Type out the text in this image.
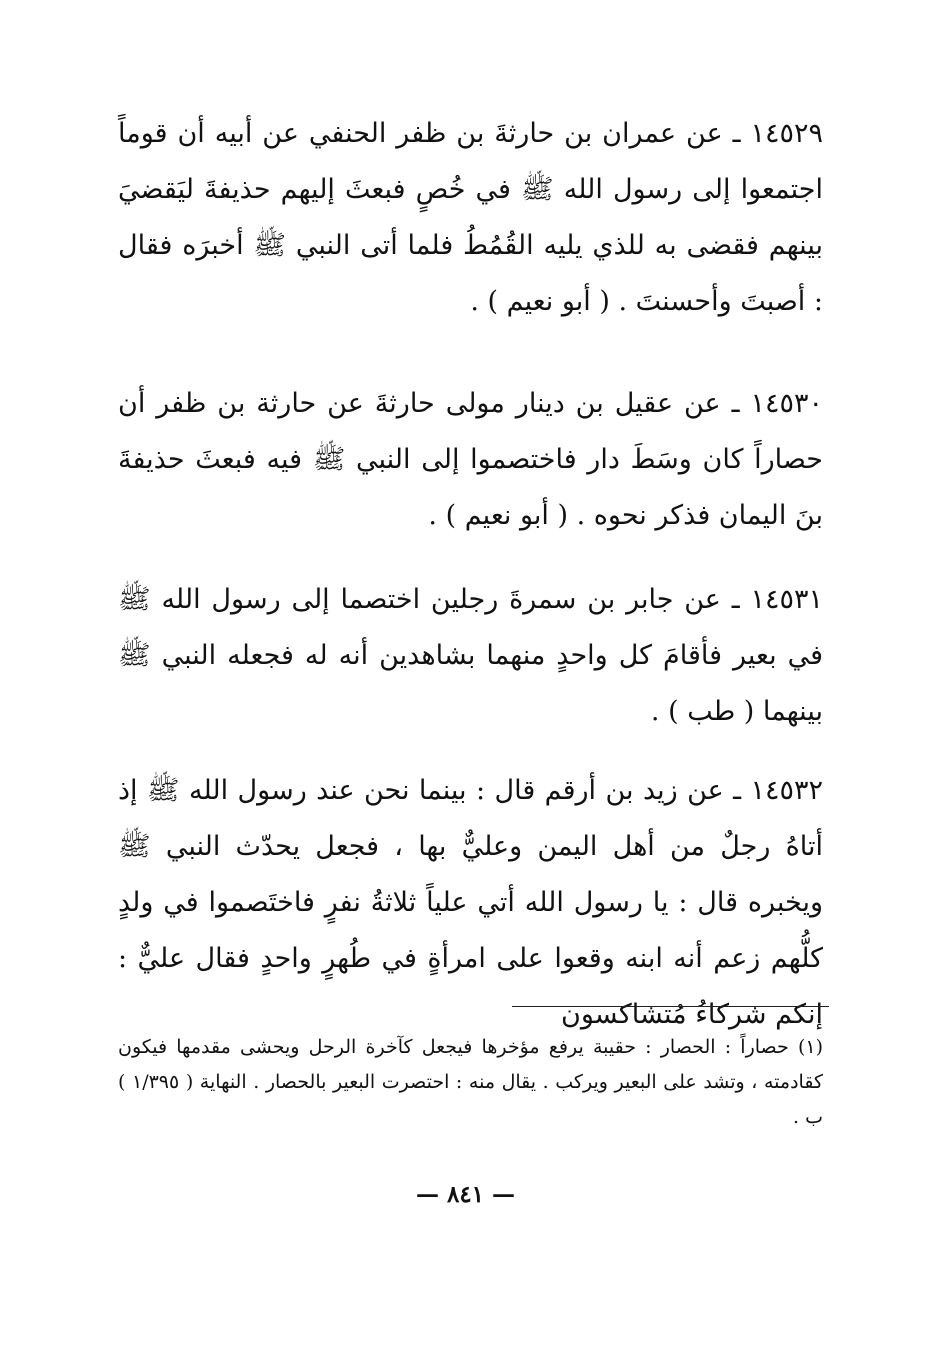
١٤٥٢٩ ـ عن عمران بن حارثةَ بن ظفر الحنفي عن أبيه أن قوماً اجتمعوا إلى رسول الله ﷺ في خُصٍ فبعثَ إليهم حذيفةَ ليَقضيَ بينهم فقضى به للذي يليه القُمُطُ فلما أتى النبي ﷺ أخبرَه فقال : أصبتَ وأحسنتَ . ( أبو نعيم ) .

١٤٥٣٠ ـ عن عقيل بن دينار مولى حارثةَ عن حارثة بن ظفر أن حصاراً كان وسَطَ دار فاختصموا إلى النبي ﷺ فيه فبعثَ حذيفةَ بنَ اليمان فذكر نحوه . ( أبو نعيم ) .

١٤٥٣١ ـ عن جابر بن سمرةَ رجلين اختصما إلى رسول الله ﷺ في بعير فأقامَ كل واحدٍ منهما بشاهدين أنه له فجعله النبي ﷺ بينهما ( طب ) .

١٤٥٣٢ ـ عن زيد بن أرقم قال : بينما نحن عند رسول الله ﷺ إذ أتاهُ رجلٌ من أهل اليمن وعليٌّ بها ، فجعل يحدّث النبي ﷺ ويخبره قال : يا رسول الله أتي علياً ثلاثةُ نفرٍ فاختَصموا في ولدٍ كلُّهم زعم أنه ابنه وقعوا على امرأةٍ في طُهرٍ واحدٍ فقال عليٌّ : إنكم شركاءُ مُتشاكسون

(١) حصاراً : الحصار : حقيبة يرفع مؤخرها فيجعل كآخرة الرحل ويحشى مقدمها فيكون كقادمته ، وتشد على البعير ويركب . يقال منه : احتصرت البعير بالحصار . النهاية ( ١/٣٩٥ ) ب .

— ٨٤١ —
